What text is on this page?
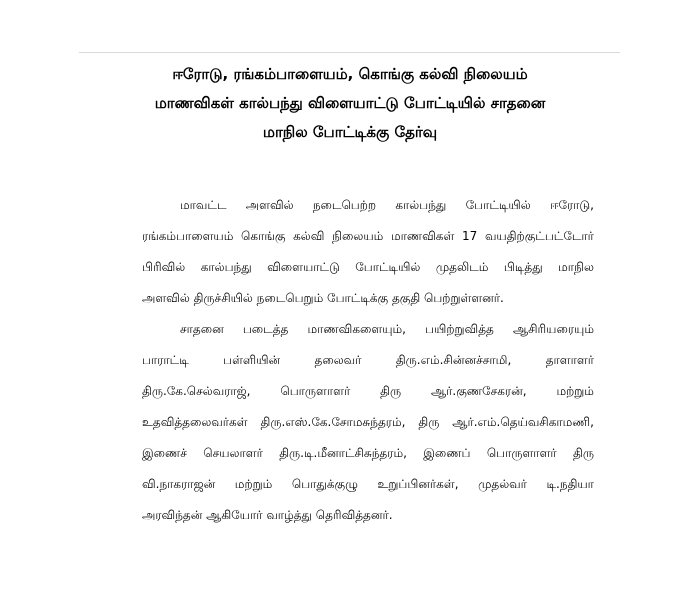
ஈரோடு, ரங்கம்பாளையம், கொங்கு கல்வி நிலையம்
மாணவிகள் கால்பந்து விளையாட்டு போட்டியில் சாதனை
மாநில போட்டிக்கு தேர்வு
மாவட்ட அளவில் நடைபெற்ற கால்பந்து போட்டியில் ஈரோடு,
ரங்கம்பாளையம் கொங்கு கல்வி நிலையம் மாணவிகள் 17 வயதிற்குட்பட்டோர்
பிரிவில் கால்பந்து விளையாட்டு போட்டியில் முதலிடம் பிடித்து மாநில
அளவில் திருச்சியில் நடைபெறும் போட்டிக்கு தகுதி பெற்றுள்ளனர்.
சாதனை படைத்த மாணவிகளையும், பயிற்றுவித்த ஆசிரியரையும்
பாராட்டி	பள்ளியின்	தலைவர்	திரு.எம்.சின்னச்சாமி,	தாளாளர்
திரு.கே.செல்வராஜ், பொருளாளர் திரு ஆர்.குணசேகரன், மற்றும்
உதவித்தலைவர்கள் திரு.எஸ்.கே.சோமசுந்தரம், திரு ஆர்.எம்.தெய்வசிகாமணி,
இணைச் செயலாளர் திரு.டி.மீனாட்சிசுந்தரம், இணைப் பொருளாளர் திரு
வி.நாகராஜன் மற்றும் பொதுக்குழு உறுப்பினர்கள், முதல்வர் டி.நதியா
அரவிந்தன் ஆகியோர் வாழ்த்து தெரிவித்தனர்.
